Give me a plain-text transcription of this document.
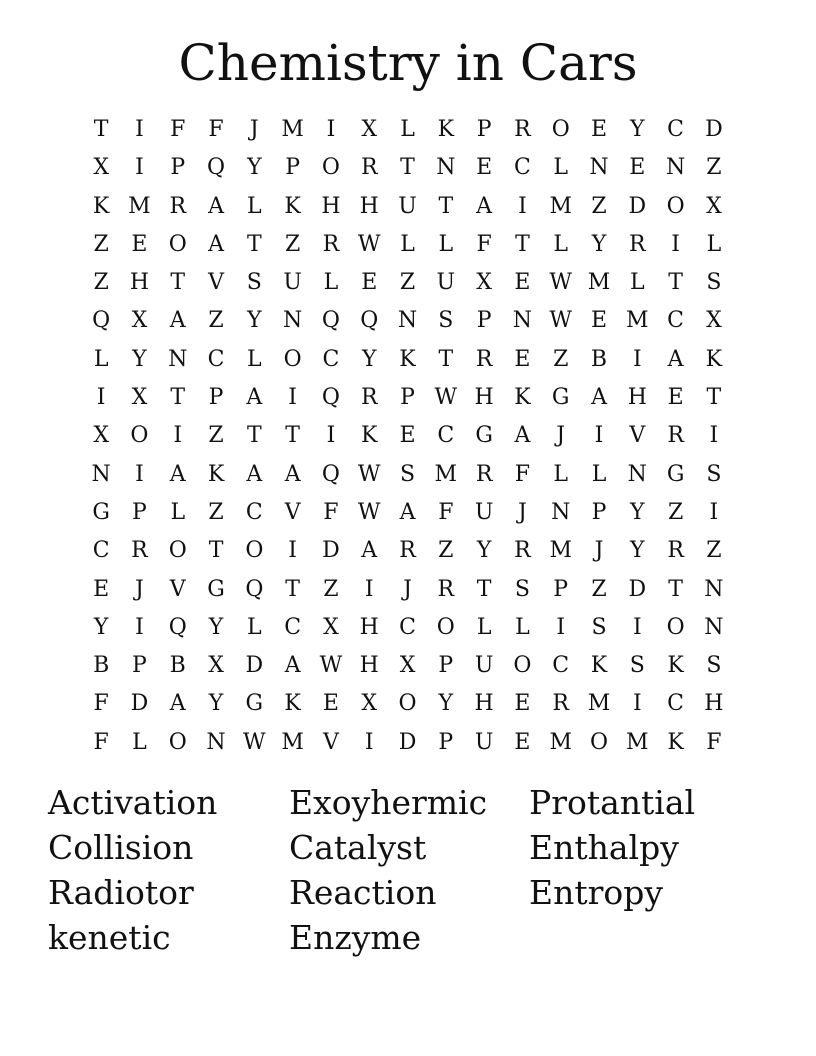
Chemistry in Cars
T	I	F	F	J	M	I	X	L	K	P	R O E	Y	C D
X	I	P Q	Y	P O R	T N E C	L N E N Z
K M R	A	L	K H H U T	A	I	M Z D O X
Z	E O A	T	Z	R W L	L	F	T	L	Y	R	I	L
Z H T	V	S U L	E	Z U X	E W M L	T	S
Q X	A	Z	Y N Q Q N S	P N W E M C	X
L	Y N C	L O C	Y	K	T	R E	Z	B	I	A	K
I	X	T	P	A	I	Q R	P W H K G A H E	T
X O	I	Z	T	T	I	K	E C G A	J	I	V	R	I
N	I	A	K	A	A Q W S M R	F	L	L N G S
G	P	L	Z	C V	F W A	F U	J	N P	Y	Z	I
C R O T O	I	D A	R	Z	Y	R M	J	Y	R	Z
E	J	V G Q T	Z	I	J	R	T	S	P	Z D	T N
Y	I	Q	Y	L	C	X H C O L	L	I	S	I	O N
B	P	B	X D A W H X	P U O C K	S	K	S
F D A	Y	G K	E	X O	Y H E R M	I	C H
F	L O N W M V	I	D	P U E M O M K	F
Activation
Collision
Radiotor
kenetic
Exoyhermic
Catalyst
Reaction
Enzyme
Protantial
Enthalpy
Entropy
